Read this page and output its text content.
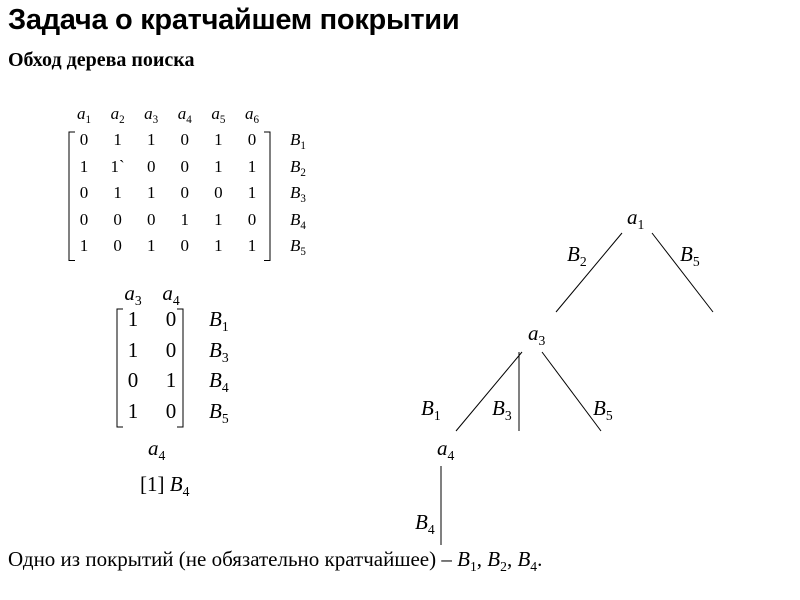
Задача о кратчайшем покрытии
Обход дерева поиска
$a_1$	$a_2$	$a_3$	$a_4$	$a_5$	$a_6$
0	1	1	0	1	0	$B_1$
1	1`	0	0	1	1	$B_2$
0	1	1	0	0	1	$B_3$
0	0	0	1	1	0	$B_4$
1	0	1	0	1	1	$B_5$
$a_3$ $a_4$
1	0	$B_1$
1	0	$B_3$
0	1	$B_4$
1	0	$B_5$
$a_4$
[1] $B_4$
$a_1$
$B_2$	$B_5$
$a_3$
$B_1$ $B_3$	$B_5$
$a_4$
$B_4$
Одно из покрытий (не обязательно кратчайшее) – $B_1$, $B_2$, $B_4$.
